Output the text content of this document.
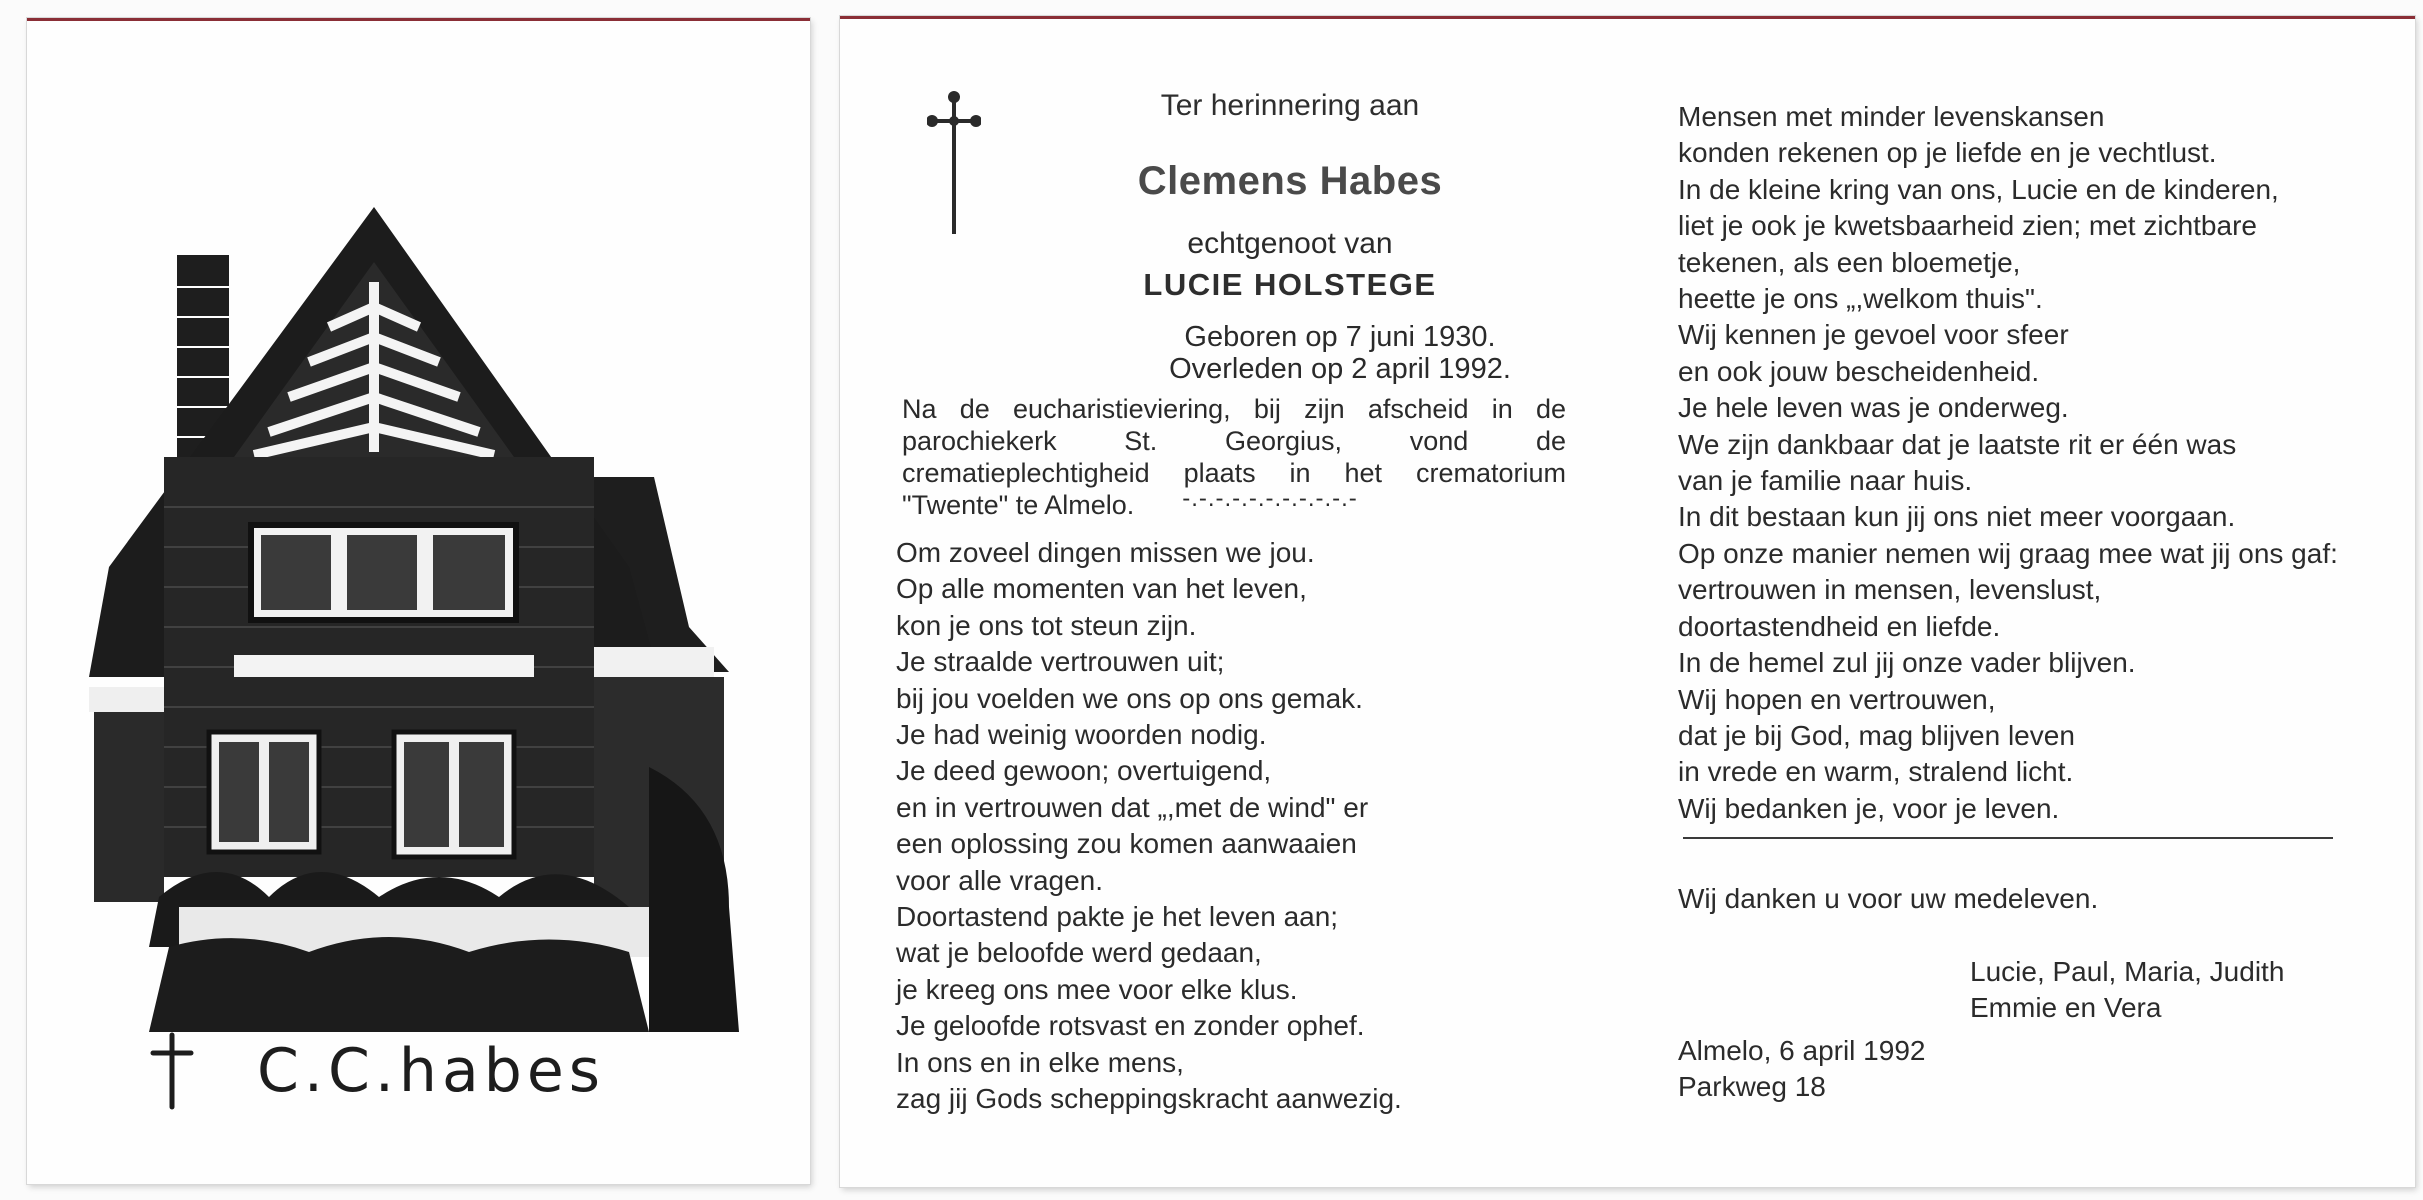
C.C.habes
Ter herinnering aan
Clemens Habes
echtgenoot van
LUCIE HOLSTEGE
Geboren op 7 juni 1930.
Overleden op 2 april 1992.
Na de eucharistieviering, bij zijn afscheid in de parochiekerk St. Georgius, vond de crematieplechtigheid plaats in het crematorium "Twente" te Almelo.	-.-.-.-.-.-.-.-.-.-.-
Om zoveel dingen missen we jou.
Op alle momenten van het leven,
kon je ons tot steun zijn.
Je straalde vertrouwen uit;
bij jou voelden we ons op ons gemak.
Je had weinig woorden nodig.
Je deed gewoon; overtuigend,
en in vertrouwen dat „,met de wind" er
een oplossing zou komen aanwaaien
voor alle vragen.
Doortastend pakte je het leven aan;
wat je beloofde werd gedaan,
je kreeg ons mee voor elke klus.
Je geloofde rotsvast en zonder ophef.
In ons en in elke mens,
zag jij Gods scheppingskracht aanwezig.
Mensen met minder levenskansen
konden rekenen op je liefde en je vechtlust.
In de kleine kring van ons, Lucie en de kinderen,
liet je ook je kwetsbaarheid zien; met zichtbare
tekenen, als een bloemetje,
heette je ons „,welkom thuis".
Wij kennen je gevoel voor sfeer
en ook jouw bescheidenheid.
Je hele leven was je onderweg.
We zijn dankbaar dat je laatste rit er één was
van je familie naar huis.
In dit bestaan kun jij ons niet meer voorgaan.
Op onze manier nemen wij graag mee wat jij ons gaf:
vertrouwen in mensen, levenslust,
doortastendheid en liefde.
In de hemel zul jij onze vader blijven.
Wij hopen en vertrouwen,
dat je bij God, mag blijven leven
in vrede en warm, stralend licht.
Wij bedanken je, voor je leven.
Wij danken u voor uw medeleven.
Lucie, Paul, Maria, Judith
Emmie en Vera
Almelo, 6 april 1992
Parkweg 18
